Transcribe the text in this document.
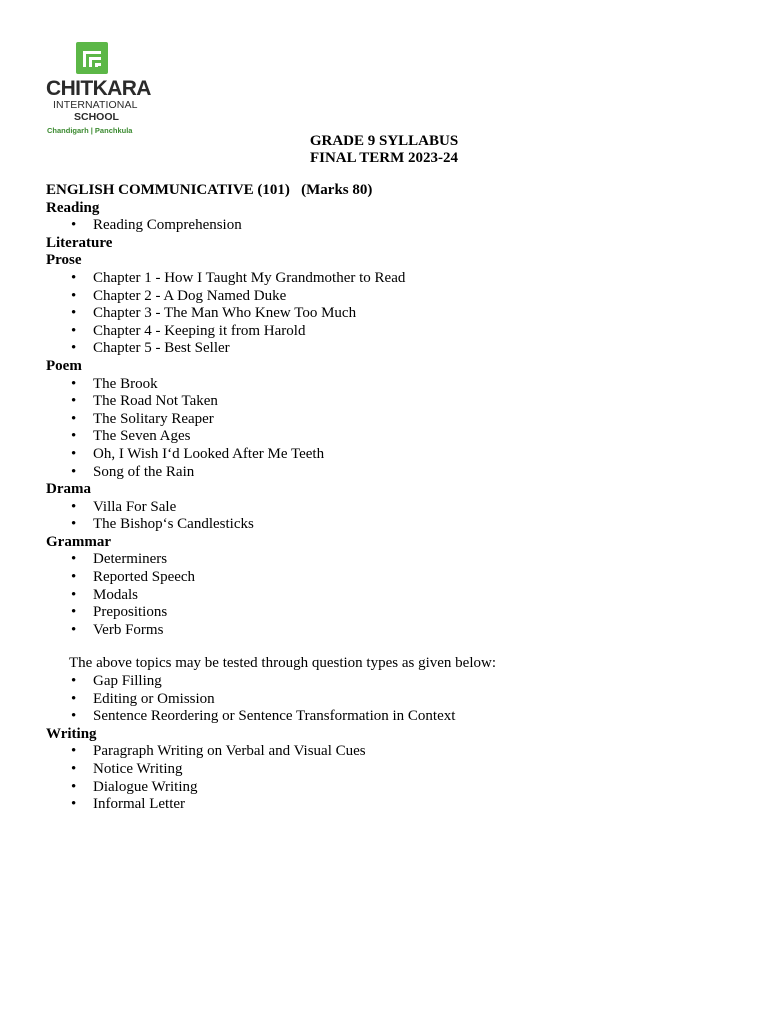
CHITKARA
INTERNATIONAL
SCHOOL
Chandigarh | Panchkula
GRADE 9 SYLLABUS
FINAL TERM 2023-24
ENGLISH COMMUNICATIVE (101)   (Marks 80)
Reading
• Reading Comprehension
Literature
Prose
• Chapter 1 - How I Taught My Grandmother to Read
• Chapter 2 - A Dog Named Duke
• Chapter 3 - The Man Who Knew Too Much
• Chapter 4 - Keeping it from Harold
• Chapter 5 - Best Seller
Poem
• The Brook
• The Road Not Taken
• The Solitary Reaper
• The Seven Ages
• Oh, I Wish I‘d Looked After Me Teeth
• Song of the Rain
Drama
• Villa For Sale
• The Bishop‘s Candlesticks
Grammar
• Determiners
• Reported Speech
• Modals
• Prepositions
• Verb Forms
The above topics may be tested through question types as given below:
• Gap Filling
• Editing or Omission
• Sentence Reordering or Sentence Transformation in Context
Writing
• Paragraph Writing on Verbal and Visual Cues
• Notice Writing
• Dialogue Writing
• Informal Letter
